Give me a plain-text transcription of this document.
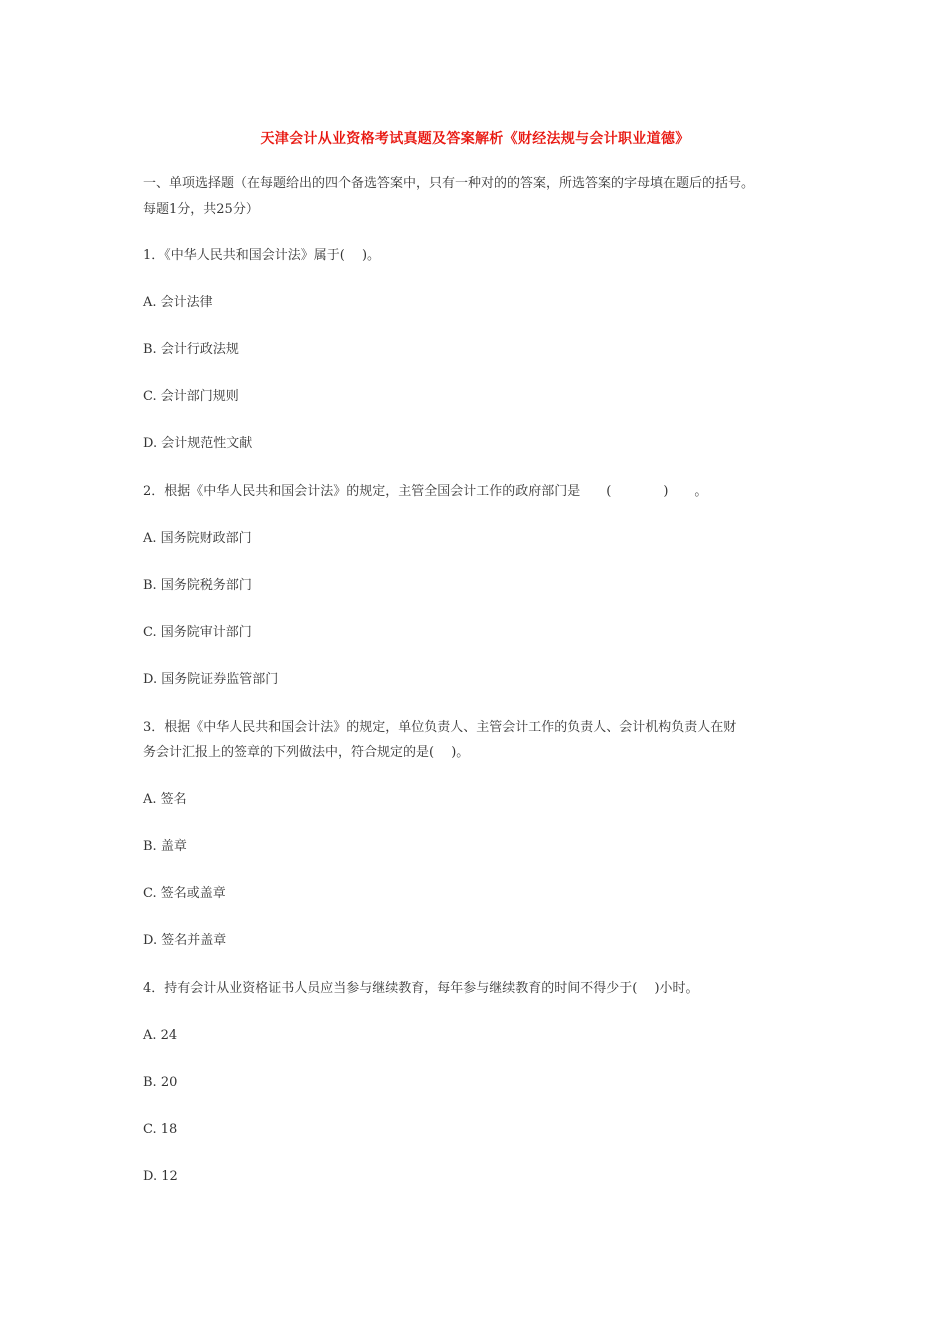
天津会计从业资格考试真题及答案解析《财经法规与会计职业道德》
一、单项选择题（在每题给出的四个备选答案中，只有一种对的的答案，所选答案的字母填在题后的括号。
每题1分，共25分）
1．《中华人民共和国会计法》属于(　 )。
A. 会计法律
B. 会计行政法规
C. 会计部门规则
D. 会计规范性文献
2．根据《中华人民共和国会计法》的规定，主管全国会计工作的政府部门是　　(　　　　)　　。
A. 国务院财政部门
B. 国务院税务部门
C. 国务院审计部门
D. 国务院证券监管部门
3．根据《中华人民共和国会计法》的规定，单位负责人、主管会计工作的负责人、会计机构负责人在财
务会计汇报上的签章的下列做法中，符合规定的是(　 )。
A. 签名
B. 盖章
C. 签名或盖章
D. 签名并盖章
4．持有会计从业资格证书人员应当参与继续教育，每年参与继续教育的时间不得少于(　 )小时。
A. 24
B. 20
C. 18
D. 12
